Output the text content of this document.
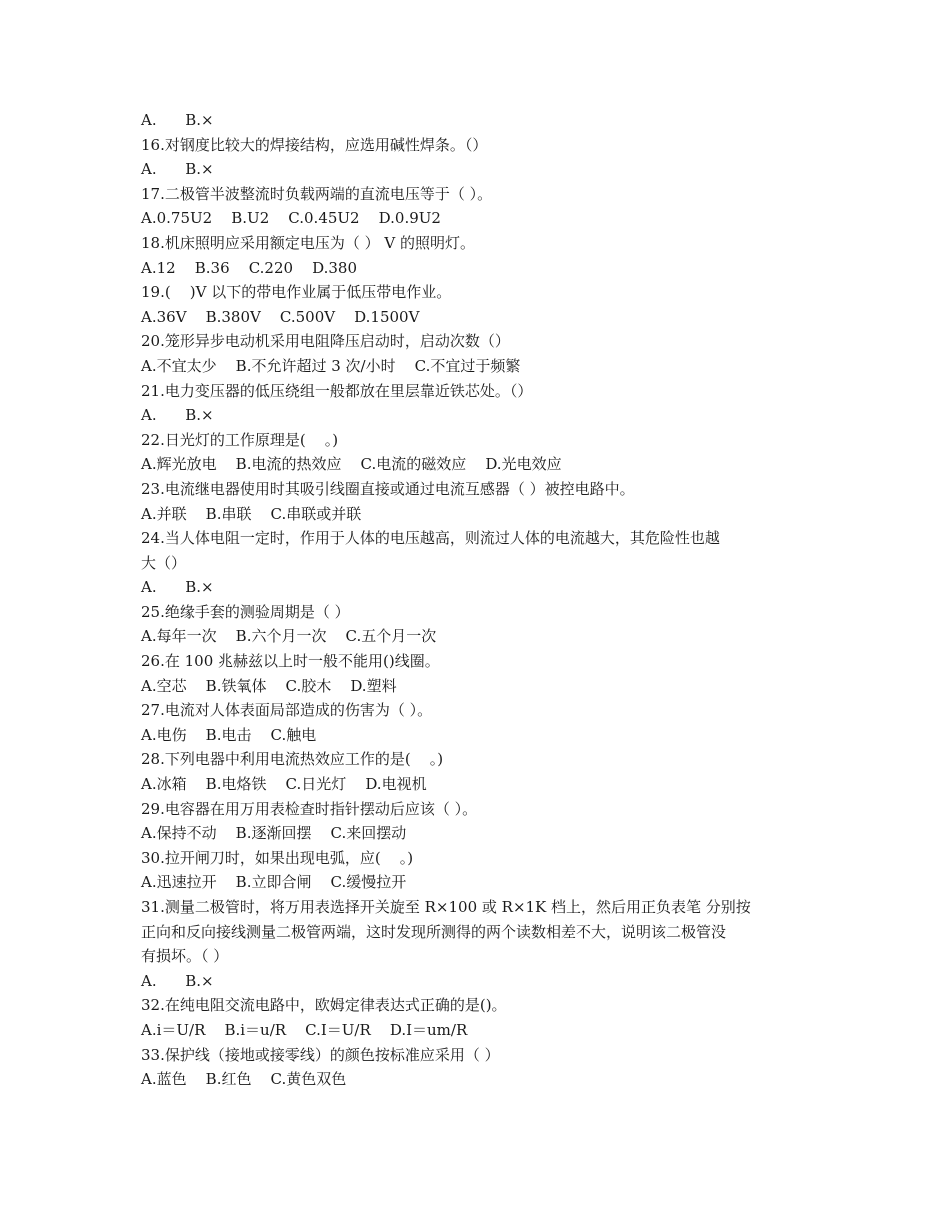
A.      B.×
16.对钢度比较大的焊接结构，应选用碱性焊条。（）
A.      B.×
17.二极管半波整流时负载两端的直流电压等于（ ）。
A.0.75U2    B.U2    C.0.45U2    D.0.9U2
18.机床照明应采用额定电压为（ ） V 的照明灯。
A.12    B.36    C.220    D.380
19.(    )V 以下的带电作业属于低压带电作业。
A.36V    B.380V    C.500V    D.1500V
20.笼形异步电动机采用电阻降压启动时，启动次数（）
A.不宜太少    B.不允许超过 3 次/小时    C.不宜过于频繁
21.电力变压器的低压绕组一般都放在里层靠近铁芯处。（）
A.      B.×
22.日光灯的工作原理是(    。)
A.辉光放电    B.电流的热效应    C.电流的磁效应    D.光电效应
23.电流继电器使用时其吸引线圈直接或通过电流互感器（ ）被控电路中。
A.并联    B.串联    C.串联或并联
24.当人体电阻一定时，作用于人体的电压越高，则流过人体的电流越大，其危险性也越
大（）
A.      B.×
25.绝缘手套的测验周期是（ ）
A.每年一次    B.六个月一次    C.五个月一次
26.在 100 兆赫兹以上时一般不能用()线圈。
A.空芯    B.铁氧体    C.胶木    D.塑料
27.电流对人体表面局部造成的伤害为（ ）。
A.电伤    B.电击    C.触电
28.下列电器中利用电流热效应工作的是(    。)
A.冰箱    B.电烙铁    C.日光灯    D.电视机
29.电容器在用万用表检查时指针摆动后应该（ ）。
A.保持不动    B.逐渐回摆    C.来回摆动
30.拉开闸刀时，如果出现电弧，应(    。)
A.迅速拉开    B.立即合闸    C.缓慢拉开
31.测量二极管时，将万用表选择开关旋至 R×100 或 R×1K 档上，然后用正负表笔 分别按
正向和反向接线测量二极管两端，这时发现所测得的两个读数相差不大，说明该二极管没
有损坏。（ ）
A.      B.×
32.在纯电阻交流电路中，欧姆定律表达式正确的是()。
A.i＝U/R    B.i＝u/R    C.I＝U/R    D.I＝um/R
33.保护线（接地或接零线）的颜色按标准应采用（ ）
A.蓝色    B.红色    C.黄色双色
